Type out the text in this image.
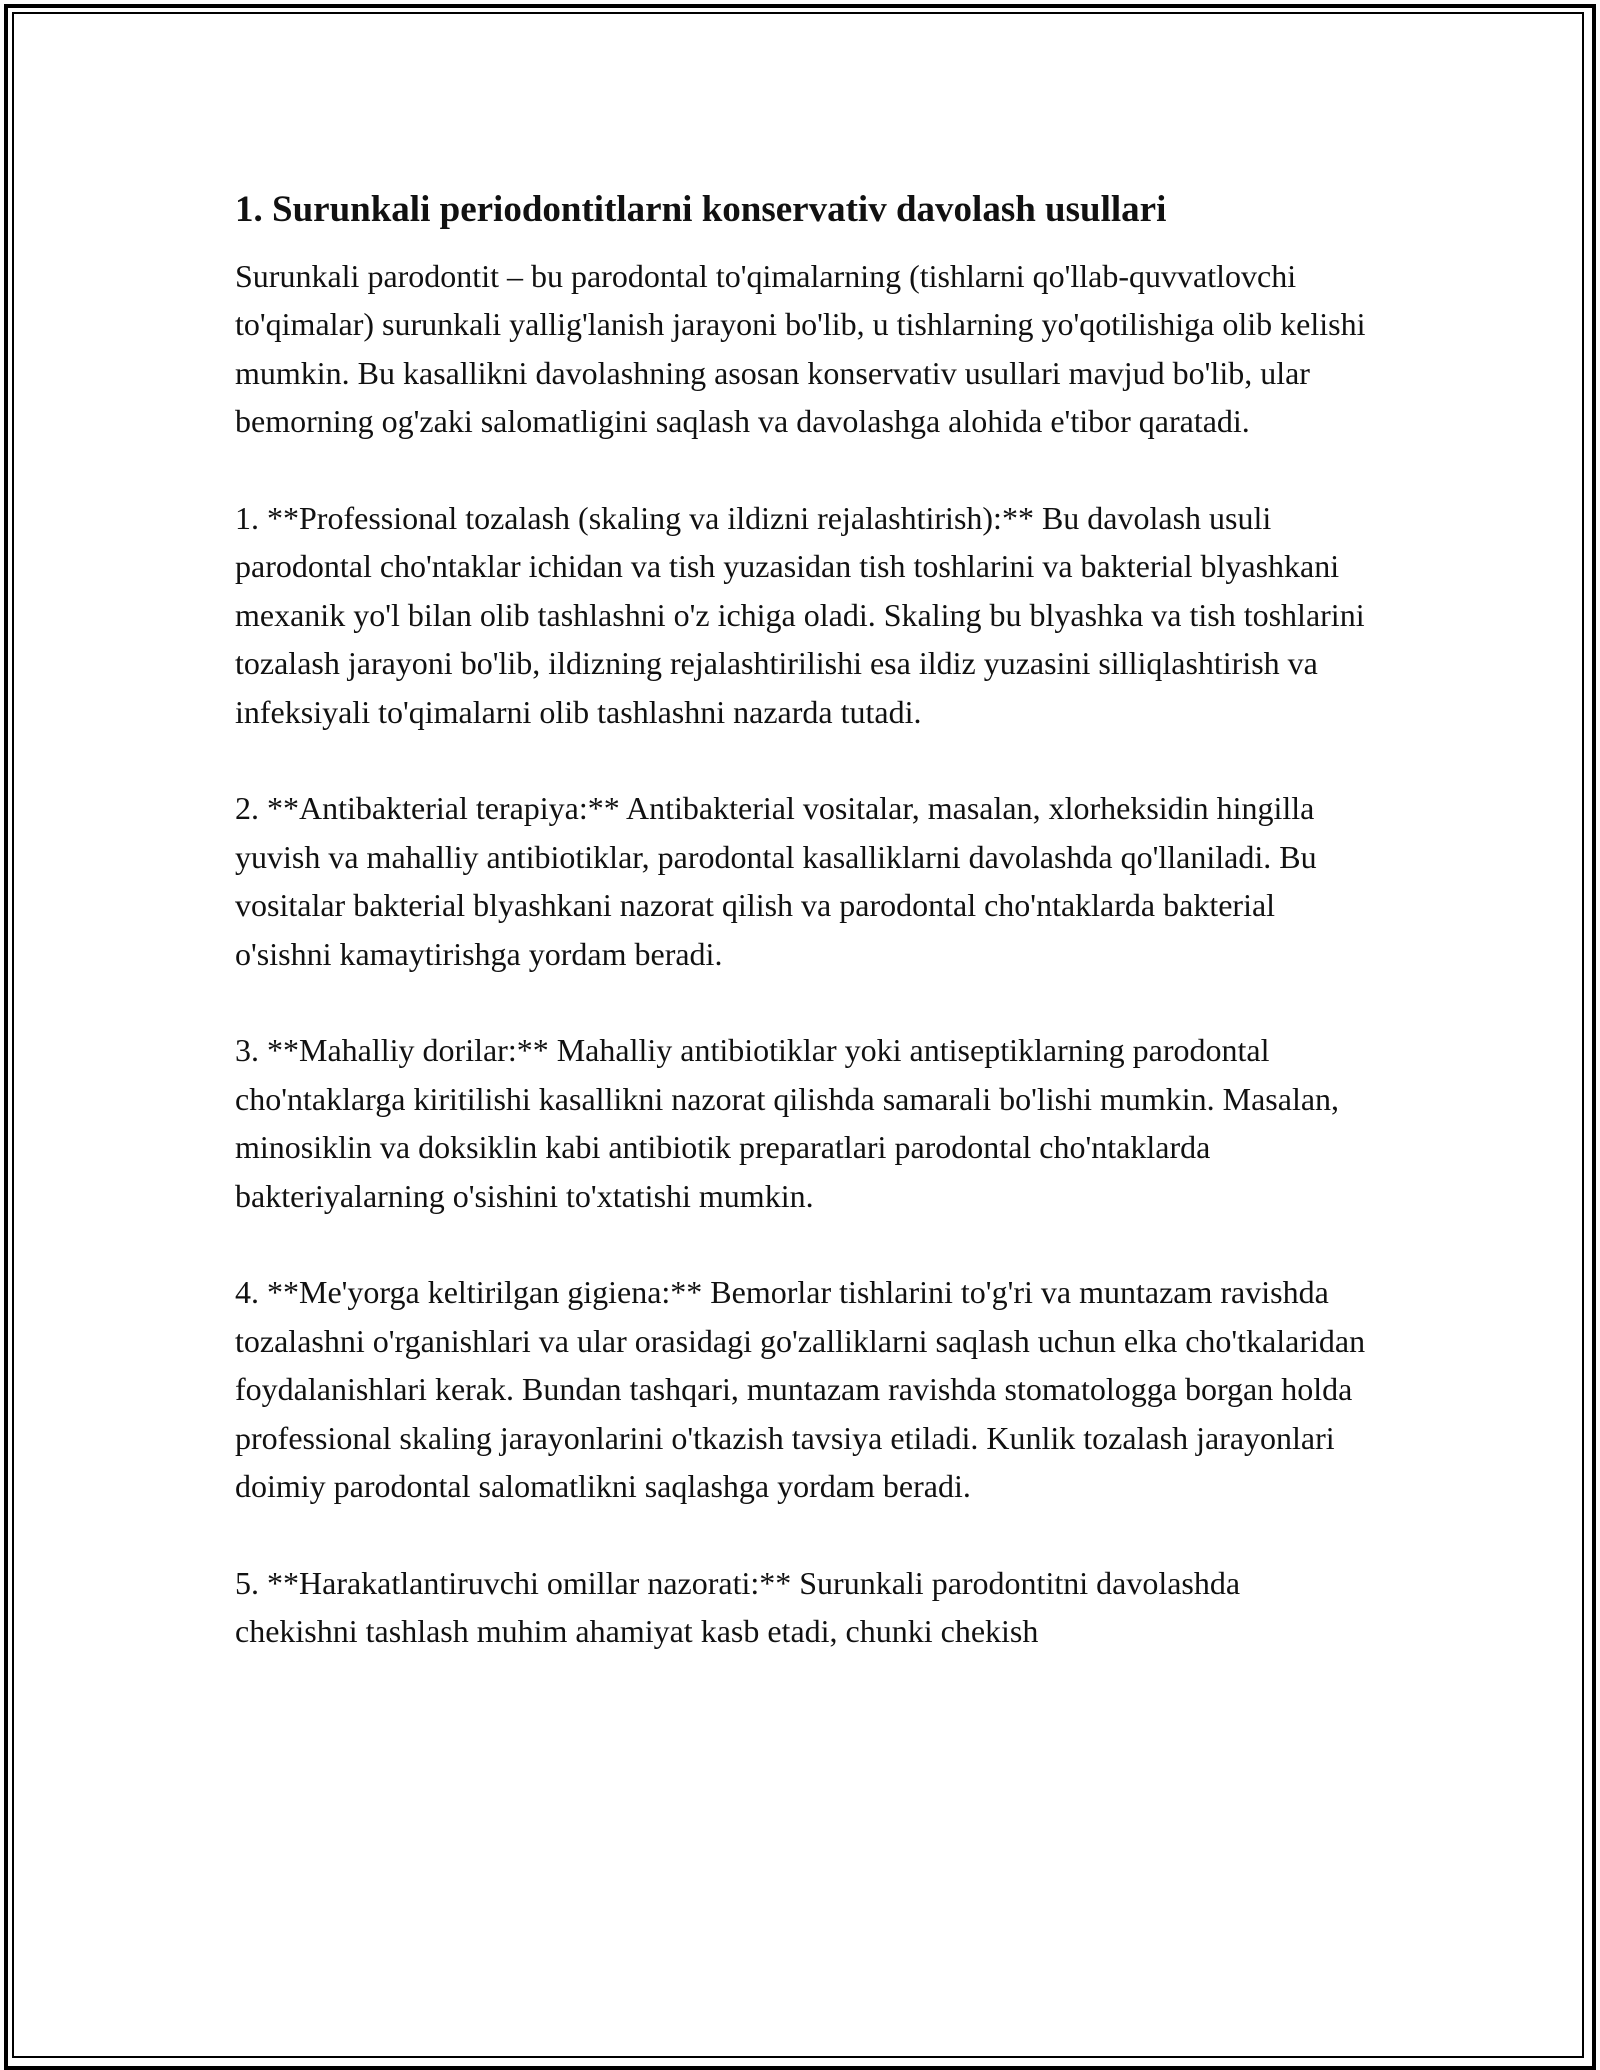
1. Surunkali periodontitlarni konservativ davolash usullari

Surunkali parodontit – bu parodontal to'qimalarning (tishlarni qo'llab-quvvatlovchi to'qimalar) surunkali yallig'lanish jarayoni bo'lib, u tishlarning yo'qotilishiga olib kelishi mumkin. Bu kasallikni davolashning asosan konservativ usullari mavjud bo'lib, ular bemorning og'zaki salomatligini saqlash va davolashga alohida e'tibor qaratadi.

1. **Professional tozalash (skaling va ildizni rejalashtirish):** Bu davolash usuli parodontal cho'ntaklar ichidan va tish yuzasidan tish toshlarini va bakterial blyashkani mexanik yo'l bilan olib tashlashni o'z ichiga oladi. Skaling bu blyashka va tish toshlarini tozalash jarayoni bo'lib, ildizning rejalashtirilishi esa ildiz yuzasini silliqlashtirish va infeksiyali to'qimalarni olib tashlashni nazarda tutadi.

2. **Antibakterial terapiya:** Antibakterial vositalar, masalan, xlorheksidin hingilla yuvish va mahalliy antibiotiklar, parodontal kasalliklarni davolashda qo'llaniladi. Bu vositalar bakterial blyashkani nazorat qilish va parodontal cho'ntaklarda bakterial o'sishni kamaytirishga yordam beradi.

3. **Mahalliy dorilar:** Mahalliy antibiotiklar yoki antiseptiklarning parodontal cho'ntaklarga kiritilishi kasallikni nazorat qilishda samarali bo'lishi mumkin. Masalan, minosiklin va doksiklin kabi antibiotik preparatlari parodontal cho'ntaklarda bakteriyalarning o'sishini to'xtatishi mumkin.

4. **Me'yorga keltirilgan gigiena:** Bemorlar tishlarini to'g'ri va muntazam ravishda tozalashni o'rganishlari va ular orasidagi go'zalliklarni saqlash uchun elka cho'tkalaridan foydalanishlari kerak. Bundan tashqari, muntazam ravishda stomatologga borgan holda professional skaling jarayonlarini o'tkazish tavsiya etiladi. Kunlik tozalash jarayonlari doimiy parodontal salomatlikni saqlashga yordam beradi.

5. **Harakatlantiruvchi omillar nazorati:** Surunkali parodontitni davolashda chekishni tashlash muhim ahamiyat kasb etadi, chunki chekish
